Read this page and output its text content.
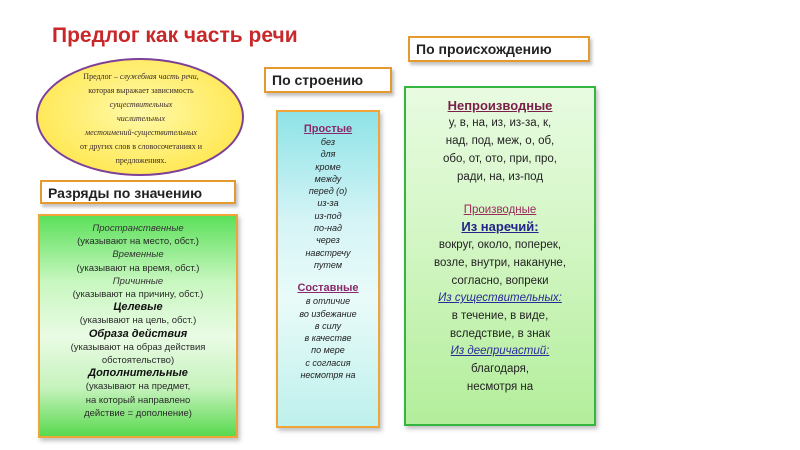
Предлог как часть речи
Предлог – служебная часть речи,
которая выражает зависимость
существительных
числительных
местоимений-существительных
от других слов в словосочетаниях и
предложениях.
По происхождению
По строению
Разряды по значению
Пространственные
(указывают на место, обст.)
Временные
(указывают на время, обст.)
Причинные
(указывают на причину, обст.)
Целевые
(указывают на цель, обст.)
Образа действия
(указывают на образ действия
обстоятельство)
Дополнительные
(указывают на предмет,
на который направлено
действие = дополнение)
Простые
без
для
кроме
между
перед (о)
из-за
из-под
по-над
через
навстречу
путем
Составные
в отличие
во избежание
в силу
в качестве
по мере
с согласия
несмотря на
Непроизводные
у, в, на, из, из-за, к,
над, под, меж, о, об,
обо, от, ото, при, про,
ради, на, из-под
Производные
Из наречий:
вокруг, около, поперек,
возле, внутри, накануне,
согласно, вопреки
Из существительных:
в течение, в виде,
вследствие, в знак
Из деепричастий:
благодаря,
несмотря на
